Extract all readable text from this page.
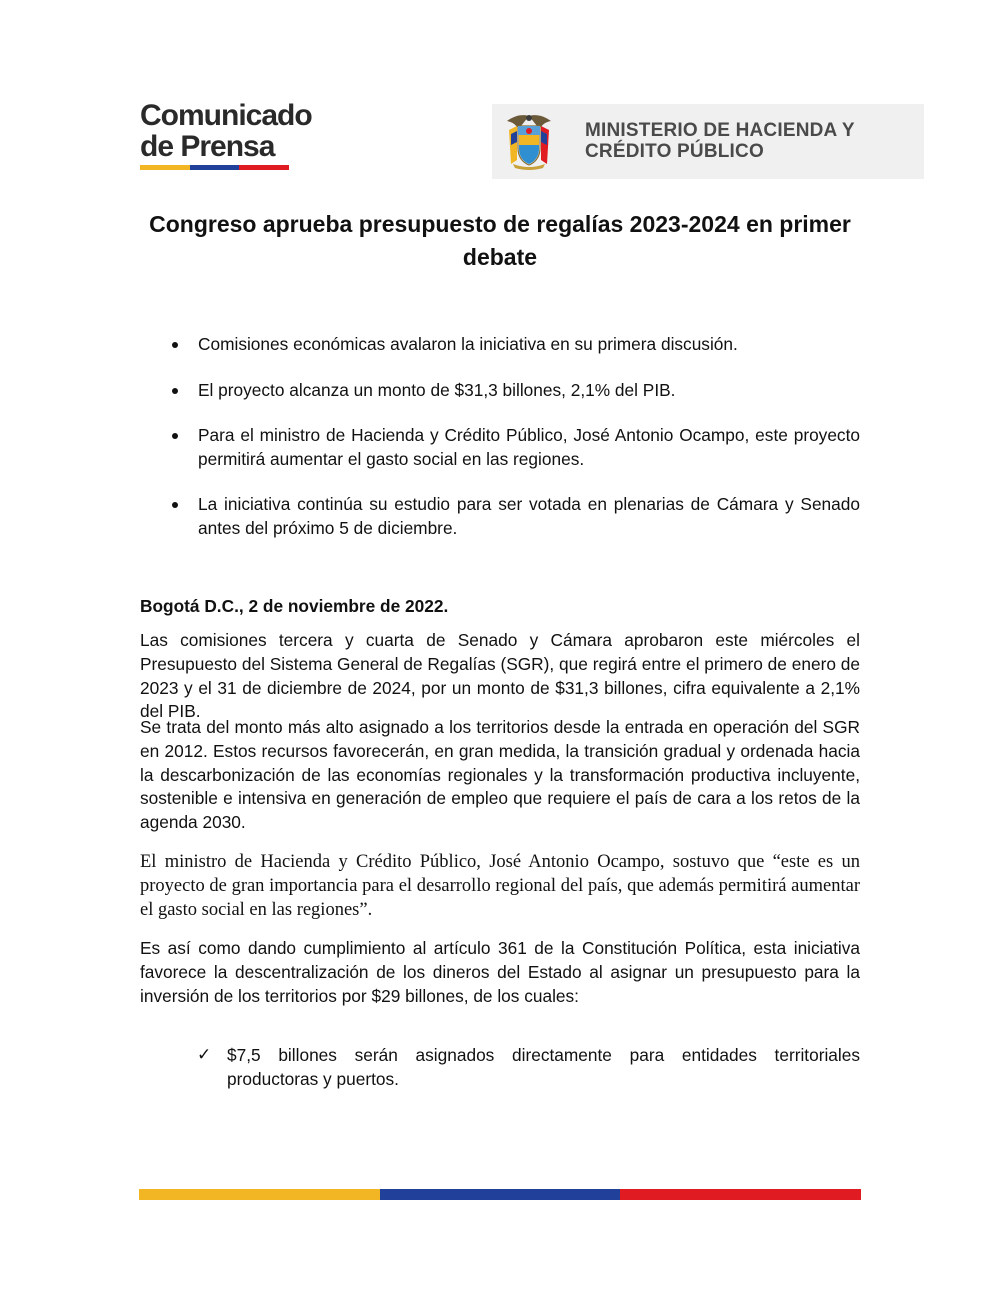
Comunicado
de Prensa	MINISTERIO DE HACIENDA Y
CRÉDITO PÚBLICO
Congreso aprueba presupuesto de regalías 2023-2024 en primer debate
Comisiones económicas avalaron la iniciativa en su primera discusión.
El proyecto alcanza un monto de $31,3 billones, 2,1% del PIB.
Para el ministro de Hacienda y Crédito Público, José Antonio Ocampo, este proyecto permitirá aumentar el gasto social en las regiones.
La iniciativa continúa su estudio para ser votada en plenarias de Cámara y Senado antes del próximo 5 de diciembre.
Bogotá D.C., 2 de noviembre de 2022.
Las comisiones tercera y cuarta de Senado y Cámara aprobaron este miércoles el Presupuesto del Sistema General de Regalías (SGR), que regirá entre el primero de enero de 2023 y el 31 de diciembre de 2024, por un monto de $31,3 billones, cifra equivalente a 2,1% del PIB.
Se trata del monto más alto asignado a los territorios desde la entrada en operación del SGR en 2012. Estos recursos favorecerán, en gran medida, la transición gradual y ordenada hacia la descarbonización de las economías regionales y la transformación productiva incluyente, sostenible e intensiva en generación de empleo que requiere el país de cara a los retos de la agenda 2030.
El ministro de Hacienda y Crédito Público, José Antonio Ocampo, sostuvo que “este es un proyecto de gran importancia para el desarrollo regional del país, que además permitirá aumentar el gasto social en las regiones”.
Es así como dando cumplimiento al artículo 361 de la Constitución Política, esta iniciativa favorece la descentralización de los dineros del Estado al asignar un presupuesto para la inversión de los territorios por $29 billones, de los cuales:
✓ $7,5 billones serán asignados directamente para entidades territoriales productoras y puertos.
